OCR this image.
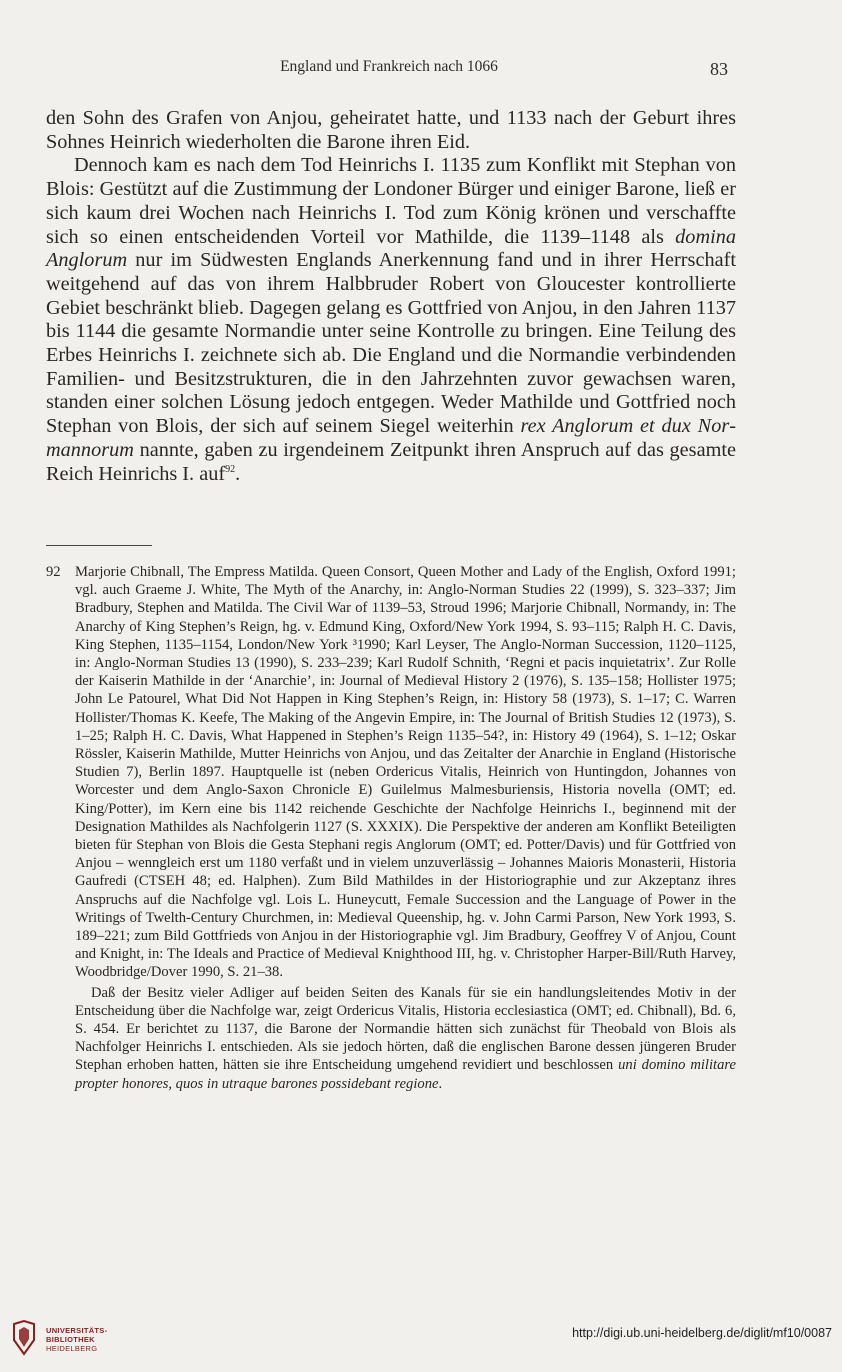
England und Frankreich nach 1066	83

den Sohn des Grafen von Anjou, geheiratet hatte, und 1133 nach der Geburt ihres Sohnes Heinrich wiederholten die Barone ihren Eid.

Dennoch kam es nach dem Tod Heinrichs I. 1135 zum Konflikt mit Stephan von Blois: Gestützt auf die Zustimmung der Londoner Bürger und einiger Barone, ließ er sich kaum drei Wochen nach Heinrichs I. Tod zum König krönen und verschaffte sich so einen entscheidenden Vorteil vor Mathilde, die 1139–1148 als domina Anglorum nur im Südwesten Englands Anerkennung fand und in ihrer Herrschaft weitgehend auf das von ihrem Halbbruder Robert von Gloucester kontrollierte Gebiet beschränkt blieb. Dagegen gelang es Gottfried von Anjou, in den Jahren 1137 bis 1144 die gesamte Normandie unter seine Kontrolle zu bringen. Eine Teilung des Erbes Heinrichs I. zeichnete sich ab. Die England und die Normandie verbindenden Familien- und Besitzstrukturen, die in den Jahrzehnten zuvor gewachsen waren, standen einer solchen Lösung jedoch entgegen. Weder Mathilde und Gottfried noch Stephan von Blois, der sich auf seinem Siegel weiterhin rex Anglorum et dux Normannorum nannte, gaben zu irgendeinem Zeitpunkt ihren Anspruch auf das gesamte Reich Heinrichs I. auf$^{92}$.

92 Marjorie Chibnall, The Empress Matilda. Queen Consort, Queen Mother and Lady of the English, Oxford 1991; vgl. auch Graeme J. White, The Myth of the Anarchy, in: Anglo-Norman Studies 22 (1999), S. 323–337; Jim Bradbury, Stephen and Matilda. The Civil War of 1139–53, Stroud 1996; Marjorie Chibnall, Normandy, in: The Anarchy of King Stephen’s Reign, hg. v. Edmund King, Oxford/New York 1994, S. 93–115; Ralph H. C. Davis, King Stephen, 1135–1154, London/New York ³1990; Karl Leyser, The Anglo-Norman Succession, 1120–1125, in: Anglo-Norman Studies 13 (1990), S. 233–239; Karl Rudolf Schnith, ‘Regni et pacis inquietatrix’. Zur Rolle der Kaiserin Mathilde in der ‘Anarchie’, in: Journal of Medieval History 2 (1976), S. 135–158; Hollister 1975; John Le Patourel, What Did Not Happen in King Stephen’s Reign, in: History 58 (1973), S. 1–17; C. Warren Hollister/Thomas K. Keefe, The Making of the Angevin Empire, in: The Journal of British Studies 12 (1973), S. 1–25; Ralph H. C. Davis, What Happened in Stephen’s Reign 1135–54?, in: History 49 (1964), S. 1–12; Oskar Rössler, Kaiserin Mathilde, Mutter Heinrichs von Anjou, und das Zeitalter der Anarchie in England (Historische Studien 7), Berlin 1897. Hauptquelle ist (neben Ordericus Vitalis, Heinrich von Huntingdon, Johannes von Worcester und dem Anglo-Saxon Chronicle E) Guilelmus Malmesburiensis, Historia novella (OMT; ed. King/Potter), im Kern eine bis 1142 reichende Geschichte der Nachfolge Heinrichs I., beginnend mit der Designation Mathildes als Nachfolgerin 1127 (S. XXXIX). Die Perspektive der anderen am Konflikt Beteiligten bieten für Stephan von Blois die Gesta Stephani regis Anglorum (OMT; ed. Potter/Davis) und für Gottfried von Anjou – wenngleich erst um 1180 verfaßt und in vielem unzuverlässig – Johannes Maioris Monasterii, Historia Gaufredi (CTSEH 48; ed. Halphen). Zum Bild Mathildes in der Historiographie und zur Akzeptanz ihres Anspruchs auf die Nachfolge vgl. Lois L. Huneycutt, Female Succession and the Language of Power in the Writings of Twelth-Century Churchmen, in: Medieval Queenship, hg. v. John Carmi Parson, New York 1993, S. 189–221; zum Bild Gottfrieds von Anjou in der Historiographie vgl. Jim Bradbury, Geoffrey V of Anjou, Count and Knight, in: The Ideals and Practice of Medieval Knighthood III, hg. v. Christopher Harper-Bill/Ruth Harvey, Woodbridge/Dover 1990, S. 21–38.

Daß der Besitz vieler Adliger auf beiden Seiten des Kanals für sie ein handlungsleitendes Motiv in der Entscheidung über die Nachfolge war, zeigt Ordericus Vitalis, Historia ecclesiastica (OMT; ed. Chibnall), Bd. 6, S. 454. Er berichtet zu 1137, die Barone der Normandie hätten sich zunächst für Theobald von Blois als Nachfolger Heinrichs I. entschieden. Als sie jedoch hörten, daß die englischen Barone dessen jüngeren Bruder Stephan erhoben hatten, hätten sie ihre Entscheidung umgehend revidiert und beschlossen uni domino militare propter honores, quos in utraque barones possidebant regione.

UNIVERSITÄTS-
BIBLIOTHEK
HEIDELBERG
http://digi.ub.uni-heidelberg.de/diglit/mf10/0087
